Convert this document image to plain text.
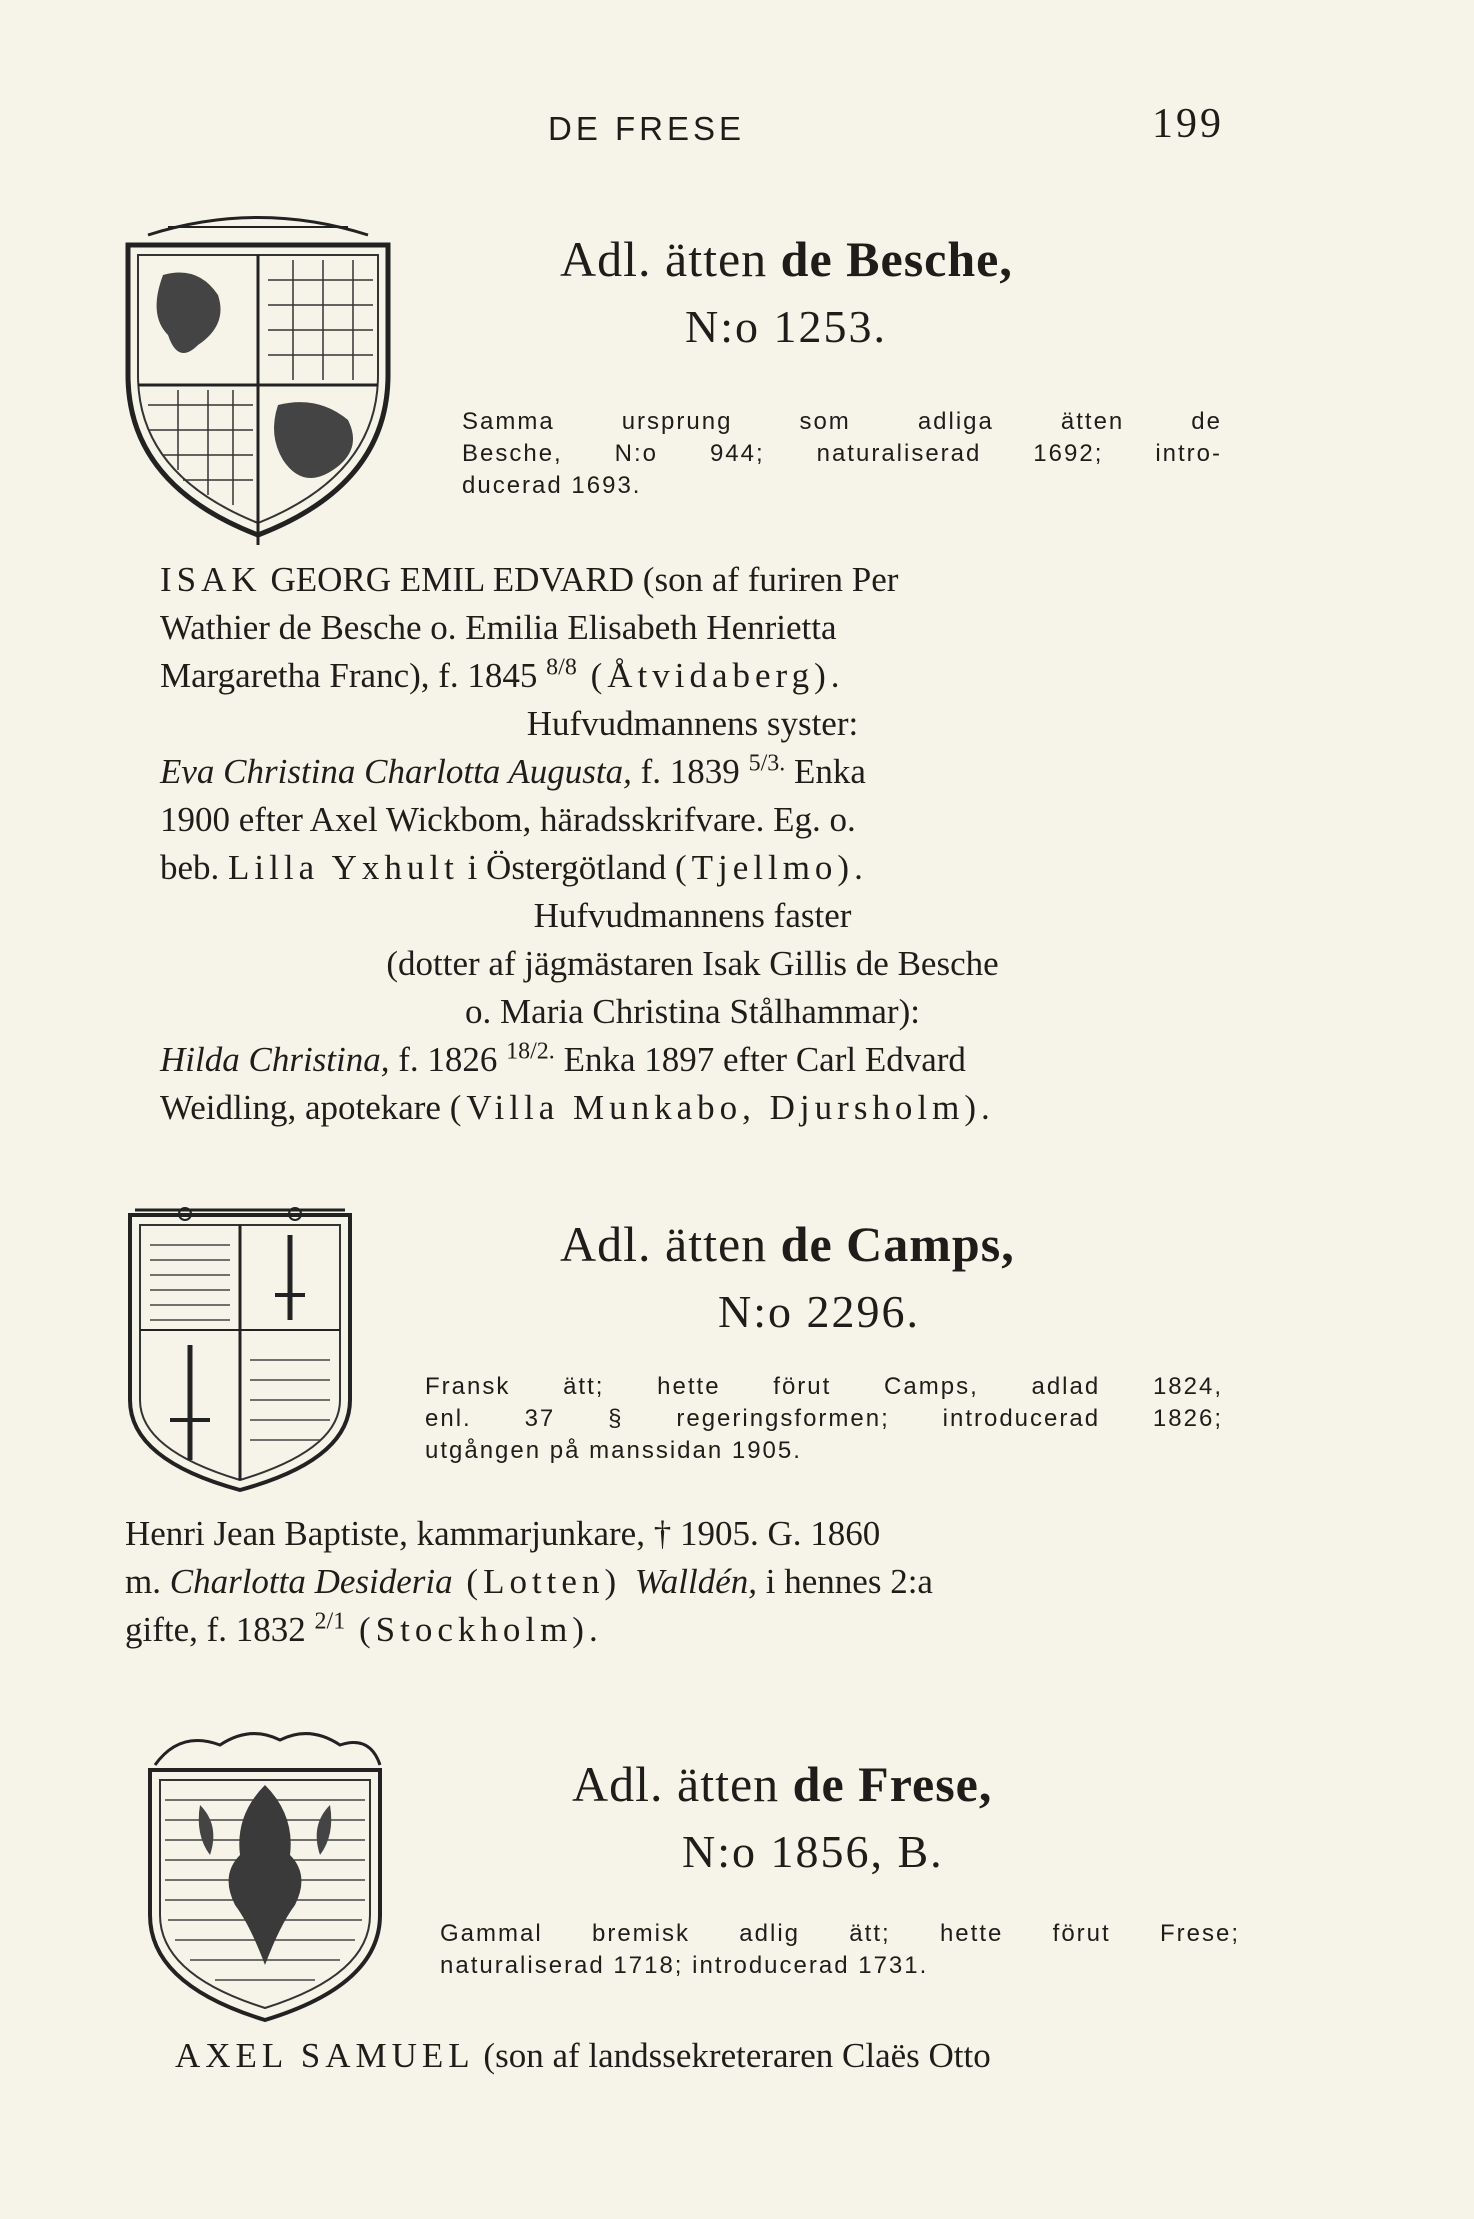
DE FRESE	199
Adl. ätten de Besche,
N:o 1253.
Samma ursprung som adliga ätten de
Besche, N:o 944; naturaliserad 1692; intro-
ducerad 1693.
ISAK GEORG EMIL EDVARD (son af furiren Per
Wathier de Besche o. Emilia Elisabeth Henrietta
Margaretha Franc), f. 1845 $^{8/8}$ (Åtvidaberg).
Hufvudmannens syster:
Eva Christina Charlotta Augusta, f. 1839 $^{5/3.}$ Enka
1900 efter Axel Wickbom, häradsskrifvare. Eg. o.
beb. Lilla Yxhult i Östergötland (Tjellmo).
Hufvudmannens faster
(dotter af jägmästaren Isak Gillis de Besche
o. Maria Christina Stålhammar):
Hilda Christina, f. 1826 $^{18/2.}$ Enka 1897 efter Carl Edvard
Weidling, apotekare (Villa Munkabo, Djursholm).
Adl. ätten de Camps,
N:o 2296.
Fransk ätt; hette förut Camps, adlad 1824,
enl. 37 § regeringsformen; introducerad 1826;
utgången på manssidan 1905.
Henri Jean Baptiste, kammarjunkare, † 1905. G. 1860
m. Charlotta Desideria (Lotten) Walldén, i hennes 2:a
gifte, f. 1832 $^{2/1}$ (Stockholm).
Adl. ätten de Frese,
N:o 1856, B.
Gammal bremisk adlig ätt; hette förut Frese;
naturaliserad 1718; introducerad 1731.
AXEL SAMUEL (son af landssekreteraren Claës Otto
